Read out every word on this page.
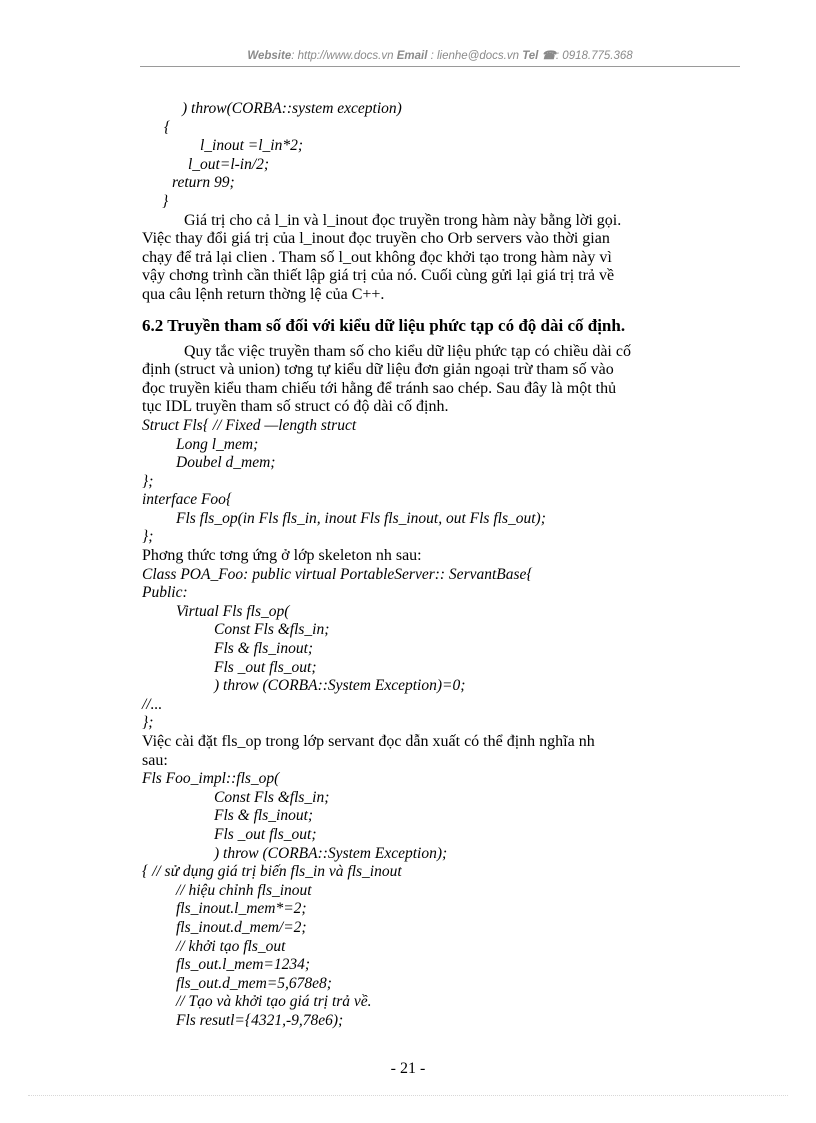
Website: http://www.docs.vn Email : lienhe@docs.vn Tel ☎: 0918.775.368
) throw(CORBA::system exception)
{
l_inout =l_in*2;
l_out=l-in/2;
return 99;
}
Giá trị cho cả l_in và l_inout đọc truyền trong hàm này bằng lời gọi.
Việc thay đổi giá trị của l_inout đọc truyền cho Orb servers vào thời gian
chạy để trả lại clien . Tham số l_out không đọc khởi tạo trong hàm này vì
vậy chơng trình cần thiết lập giá trị của nó. Cuối cùng gửi lại giá trị trả về
qua câu lệnh return thờng lệ của C++.
6.2 Truyền tham số đối với kiểu dữ liệu phức tạp có độ dài cố định.
Quy tắc việc truyền tham số cho kiểu dữ liệu phức tạp có chiều dài cố
định (struct và union) tơng tự kiểu dữ liệu đơn giản ngoại trừ tham số vào
đọc truyền kiểu tham chiếu tới hằng để tránh sao chép. Sau đây là một thủ
tục IDL truyền tham số struct có độ dài cố định.
Struct Fls{ // Fixed —length struct
Long l_mem;
Doubel d_mem;
};
interface Foo{
Fls fls_op(in Fls fls_in, inout Fls fls_inout, out Fls fls_out);
};
Phơng thức tơng ứng ở lớp skeleton nh sau:
Class POA_Foo: public virtual PortableServer:: ServantBase{
Public:
Virtual Fls fls_op(
Const Fls &fls_in;
Fls & fls_inout;
Fls _out fls_out;
) throw (CORBA::System Exception)=0;
//...
};
Việc cài đặt fls_op trong lớp servant đọc dẫn xuất có thể định nghĩa nh
sau:
Fls Foo_impl::fls_op(
Const Fls &fls_in;
Fls & fls_inout;
Fls _out fls_out;
) throw (CORBA::System Exception);
{ // sử dụng giá trị biến fls_in và fls_inout
// hiệu chỉnh fls_inout
fls_inout.l_mem*=2;
fls_inout.d_mem/=2;
// khởi tạo fls_out
fls_out.l_mem=1234;
fls_out.d_mem=5,678e8;
// Tạo và khởi tạo giá trị trả về.
Fls resutl={4321,-9,78e6);
- 21 -
